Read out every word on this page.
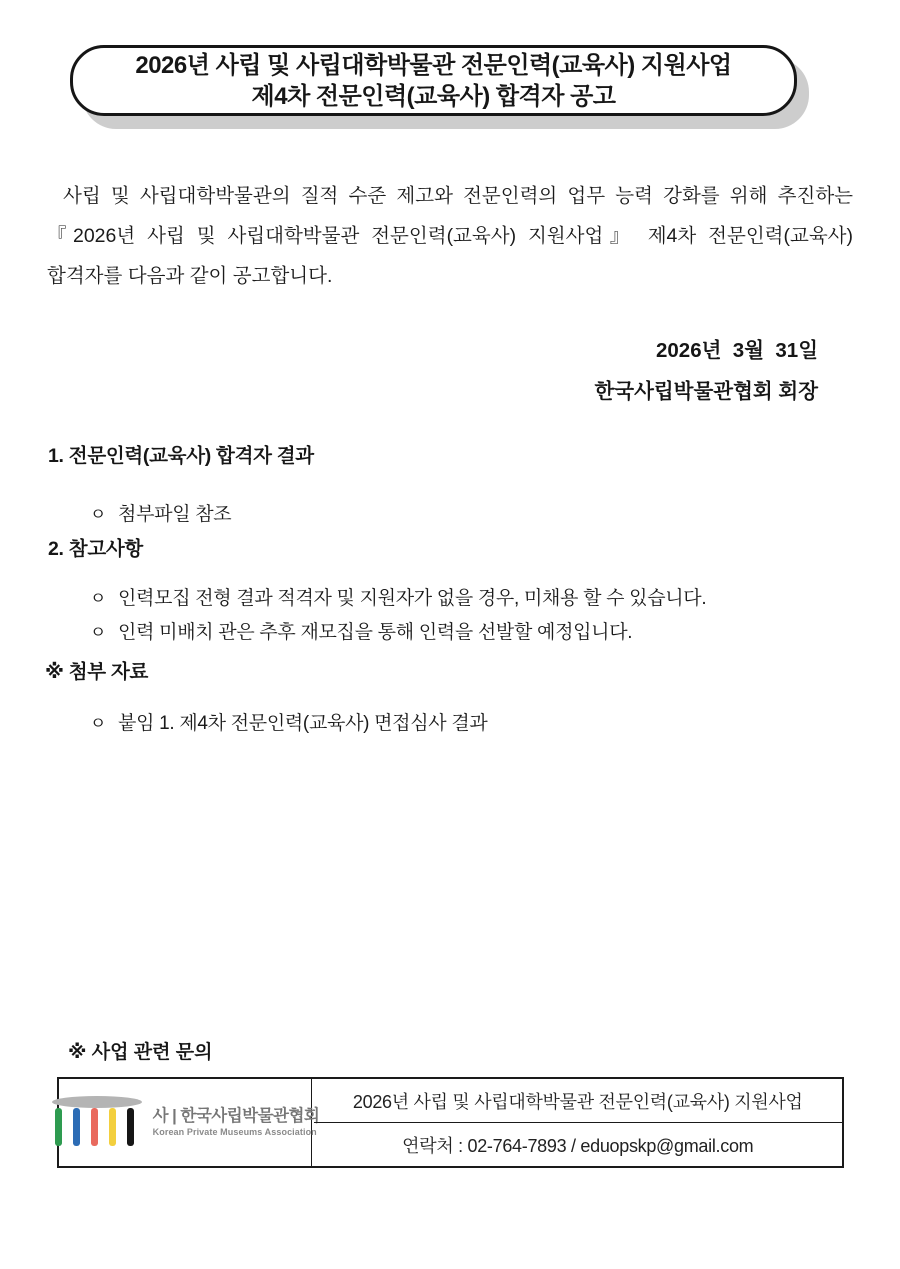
2026년 사립 및 사립대학박물관 전문인력(교육사) 지원사업
제4차 전문인력(교육사) 합격자 공고

사립 및 사립대학박물관의 질적 수준 제고와 전문인력의 업무 능력 강화를 위해 추진하는 『2026년 사립 및 사립대학박물관 전문인력(교육사) 지원사업』 제4차 전문인력(교육사) 합격자를 다음과 같이 공고합니다.

2026년  3월  31일
한국사립박물관협회 회장
1. 전문인력(교육사) 합격자 결과

ㅇ 첨부파일 참조

2. 참고사항

ㅇ 인력모집 전형 결과 적격자 및 지원자가 없을 경우, 미채용 할 수 있습니다.

ㅇ 인력 미배치 관은 추후 재모집을 통해 인력을 선발할 예정입니다.

※ 첨부 자료

ㅇ 붙임 1. 제4차 전문인력(교육사) 면접심사 결과

※ 사업 관련 문의
사 | 한국사립박물관협회
Korean Private Museums Association
2026년 사립 및 사립대학박물관 전문인력(교육사) 지원사업
연락처 : 02-764-7893 / eduopskp@gmail.com
